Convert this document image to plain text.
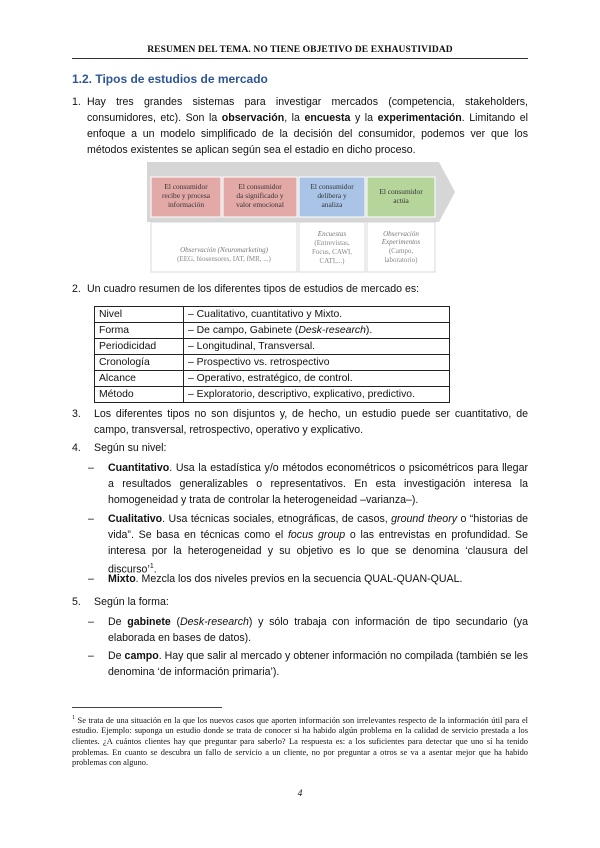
RESUMEN DEL TEMA. NO TIENE OBJETIVO DE EXHAUSTIVIDAD
1.2. Tipos de estudios de mercado
1. Hay tres grandes sistemas para investigar mercados (competencia, stakeholders, consumidores, etc). Son la observación, la encuesta y la experimentación. Limitando el enfoque a un modelo simplificado de la decisión del consumidor, podemos ver que los métodos existentes se aplican según sea el estadio en dicho proceso.
El consumidor
recibe y procesa
información
El consumidor
da significado y
valor emocional
El consumidor
delibera y
analiza
El consumidor
actúa
Observación (Neuromarketing)
Encuestas	Observación
Experimentos
(EEG, biosensores, IAT, fMR, ...)
(Entrevistas,
Focus, CAWI,
CATI,...)
(Campo,
laboratorio)
2. Un cuadro resumen de los diferentes tipos de estudios de mercado es:
Nivel	– Cualitativo, cuantitativo y Mixto.
Forma	– De campo, Gabinete (Desk-research).
Periodicidad	– Longitudinal, Transversal.
Cronología	– Prospectivo vs. retrospectivo
Alcance	– Operativo, estratégico, de control.
Método	– Exploratorio, descriptivo, explicativo, predictivo.
3. Los diferentes tipos no son disjuntos y, de hecho, un estudio puede ser cuantitativo, de campo, transversal, retrospectivo, operativo y explicativo.
4. Según su nivel:
– Cuantitativo. Usa la estadística y/o métodos econométricos o psicométricos para llegar a resultados generalizables o representativos. En esta investigación interesa la homogeneidad y trata de controlar la heterogeneidad –varianza–).
– Cualitativo. Usa técnicas sociales, etnográficas, de casos, ground theory o “historias de vida”. Se basa en técnicas como el focus group o las entrevistas en profundidad. Se interesa por la heterogeneidad y su objetivo es lo que se denomina ‘clausura del discurso’$^1$.
– Mixto. Mezcla los dos niveles previos en la secuencia QUAL-QUAN-QUAL.
5. Según la forma:
– De gabinete (Desk-research) y sólo trabaja con información de tipo secundario (ya elaborada en bases de datos).
– De campo. Hay que salir al mercado y obtener información no compilada (también se les denomina ‘de información primaria’).
$^1$ Se trata de una situación en la que los nuevos casos que aporten información son irrelevantes respecto de la información útil para el estudio. Ejemplo: suponga un estudio donde se trata de conocer si ha habido algún problema en la calidad de servicio prestada a los clientes. ¿A cuántos clientes hay que preguntar para saberlo? La respuesta es: a los suficientes para detectar que uno sí ha tenido problemas. En cuanto se descubra un fallo de servicio a un cliente, no por preguntar a otros se va a asentar mejor que ha habido problemas con alguno.
4
